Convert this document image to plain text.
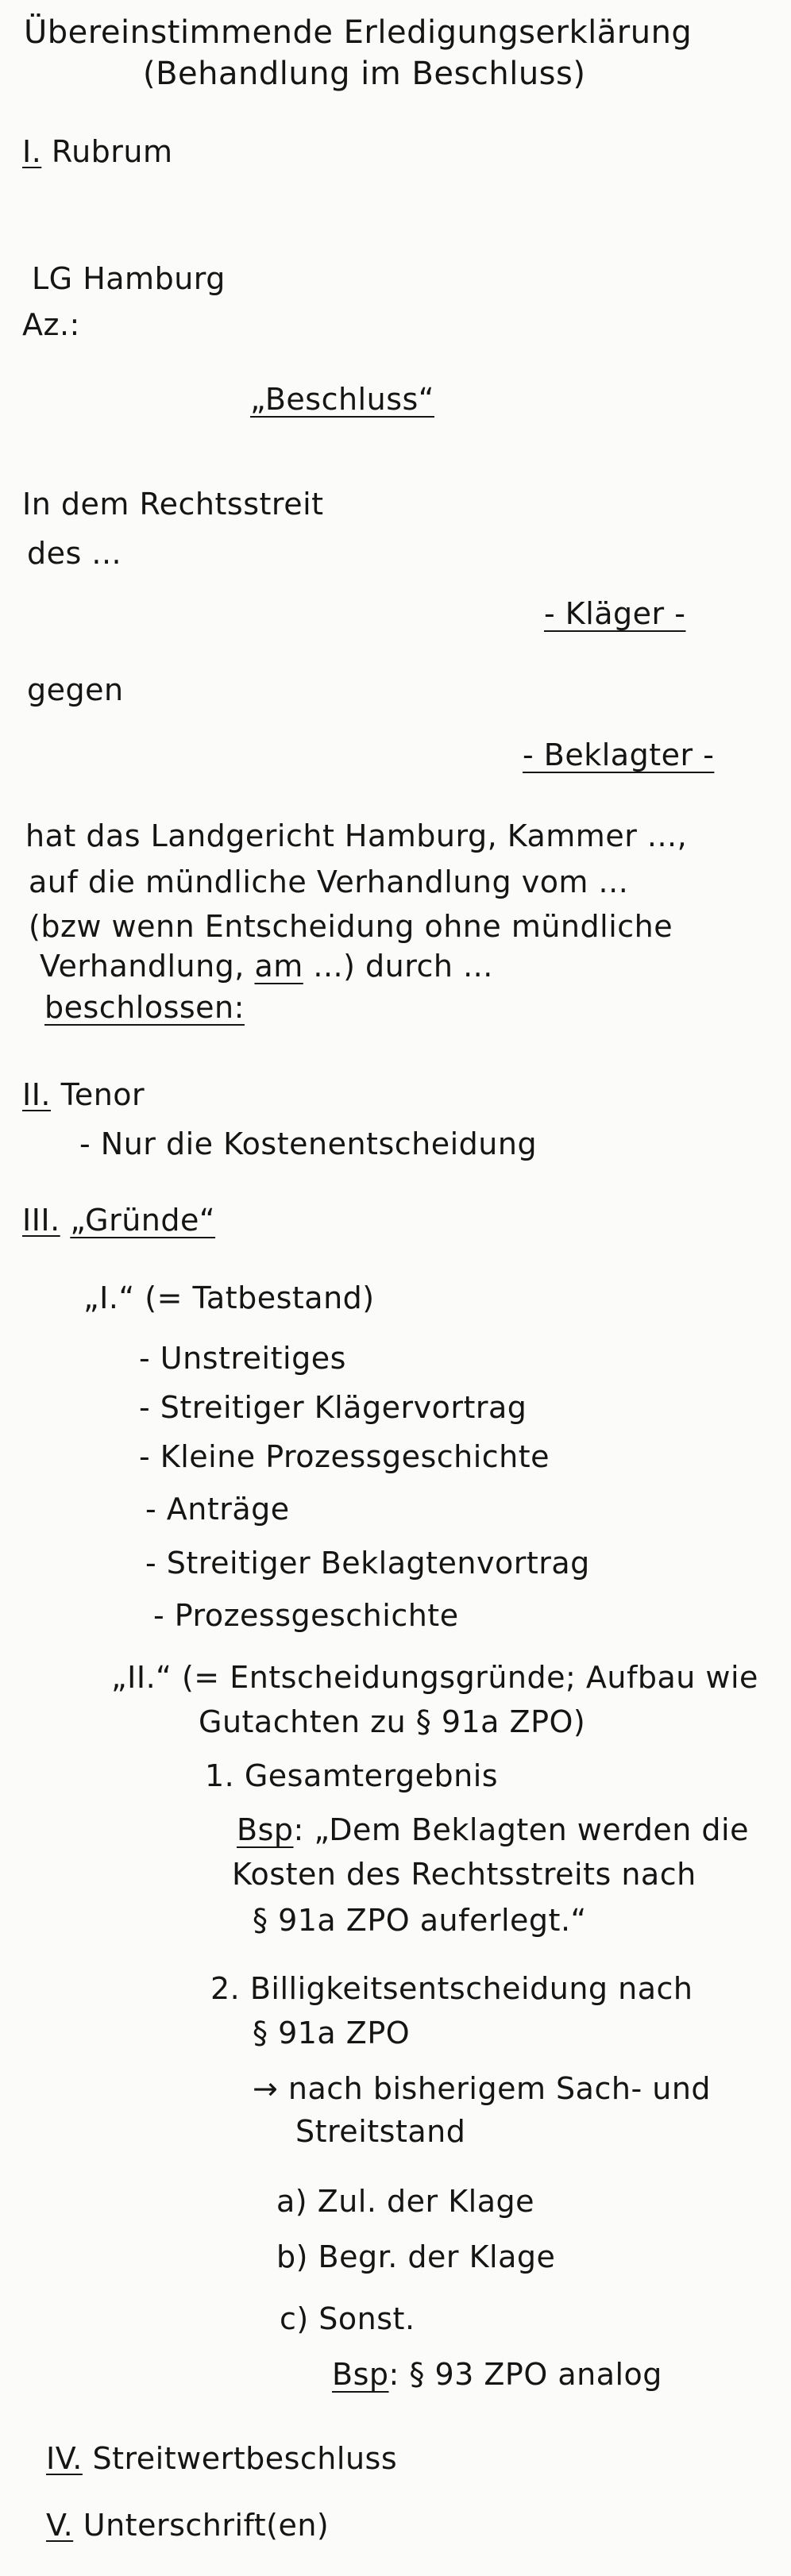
Übereinstimmende Erledigungserklärung
(Behandlung im Beschluss)
I. Rubrum
LG Hamburg
Az.:
„Beschluss“
In dem Rechtsstreit
des ...
- Kläger -
gegen
- Beklagter -
hat das Landgericht Hamburg, Kammer ...,
auf die mündliche Verhandlung vom ...
(bzw wenn Entscheidung ohne mündliche
Verhandlung, am ...) durch ...
beschlossen:
II. Tenor
- Nur die Kostenentscheidung
III. „Gründe“
„I.“ (= Tatbestand)
- Unstreitiges
- Streitiger Klägervortrag
- Kleine Prozessgeschichte
- Anträge
- Streitiger Beklagtenvortrag
- Prozessgeschichte
„II.“ (= Entscheidungsgründe; Aufbau wie
Gutachten zu § 91a ZPO)
1. Gesamtergebnis
Bsp: „Dem Beklagten werden die
Kosten des Rechtsstreits nach
§ 91a ZPO auferlegt.“
2. Billigkeitsentscheidung nach
§ 91a ZPO
→ nach bisherigem Sach- und
Streitstand
a) Zul. der Klage
b) Begr. der Klage
c) Sonst.
Bsp: § 93 ZPO analog
IV. Streitwertbeschluss
V. Unterschrift(en)
